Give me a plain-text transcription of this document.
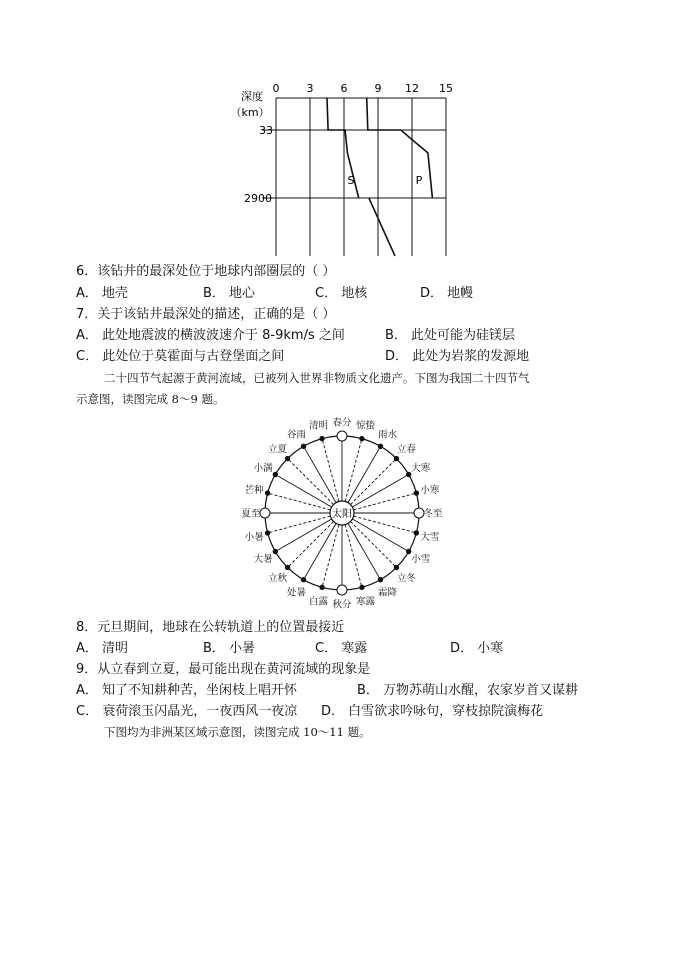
0 3 6 9 12 15
深度
（km）
33
2900
S	P
6．该钻井的最深处位于地球内部圈层的（ ）
A． 地壳	B． 地心	C． 地核	D． 地幔
7．关于该钻井最深处的描述，正确的是（ ）
A． 此处地震波的横波波速介于 8-9km/s 之间	B． 此处可能为硅镁层
C． 此处位于莫霍面与古登堡面之间	D． 此处为岩浆的发源地
二十四节气起源于黄河流域，已被列入世界非物质文化遗产。下图为我国二十四节气
示意图，读图完成 8～9 题。
太阳
春分 惊蛰
雨水
立春
大寒
小寒
冬至
大雪
小雪
立冬
霜降
寒露
秋分
白露
处暑
立秋
大暑
小暑
夏至
芒种
小满
立夏
谷雨
清明
8．元旦期间，地球在公转轨道上的位置最接近
A． 清明	B． 小暑	C． 寒露	D． 小寒
9．从立春到立夏，最可能出现在黄河流域的现象是
A． 知了不知耕种苦，坐闲枝上唱开怀	B． 万物苏萌山水醒，农家岁首又谋耕
C． 衰荷滚玉闪晶光，一夜西风一夜凉 D． 白雪欲求吟咏句，穿枝掠院演梅花
下图均为非洲某区域示意图，读图完成 10～11 题。
